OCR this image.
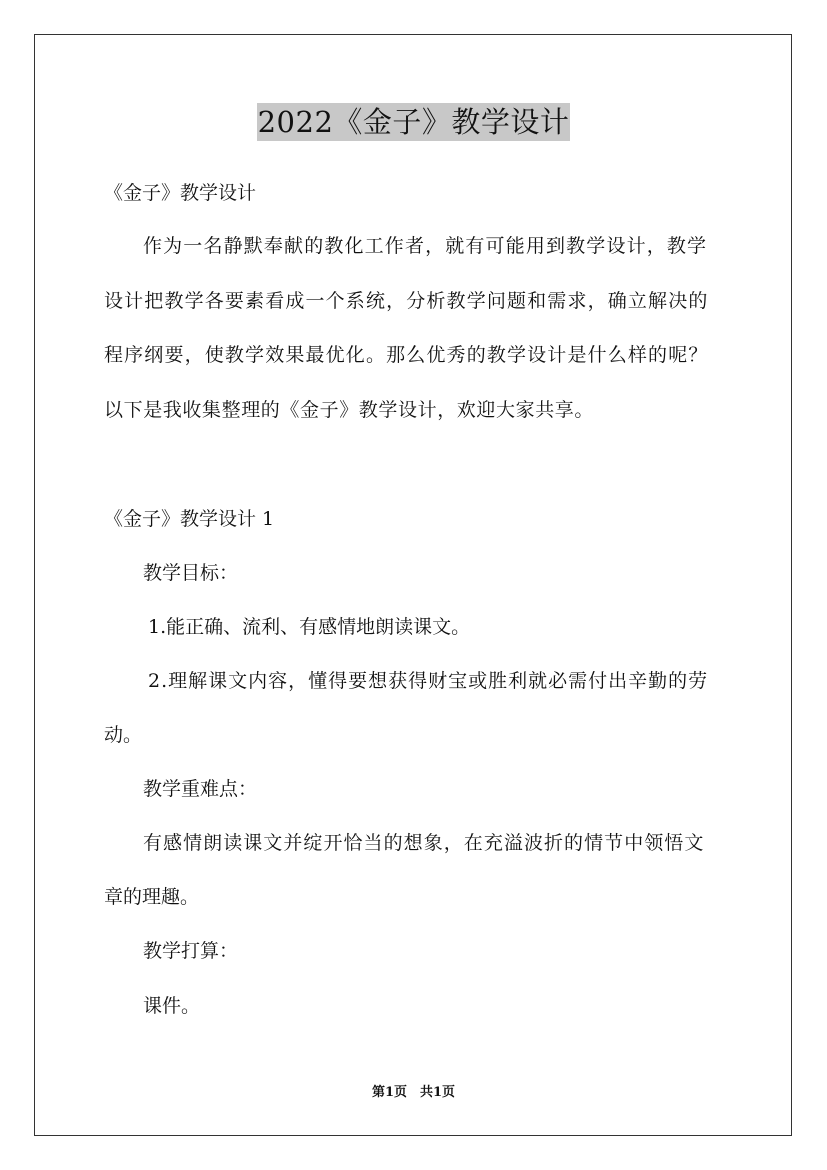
2022《金子》教学设计
《金子》教学设计
作为一名静默奉献的教化工作者，就有可能用到教学设计，教学
设计把教学各要素看成一个系统，分析教学问题和需求，确立解决的
程序纲要，使教学效果最优化。那么优秀的教学设计是什么样的呢？
以下是我收集整理的《金子》教学设计，欢迎大家共享。
《金子》教学设计 1
教学目标：
1.能正确、流利、有感情地朗读课文。
2.理解课文内容，懂得要想获得财宝或胜利就必需付出辛勤的劳
动。
教学重难点：
有感情朗读课文并绽开恰当的想象，在充溢波折的情节中领悟文
章的理趣。
教学打算：
课件。
第1页　共1页
